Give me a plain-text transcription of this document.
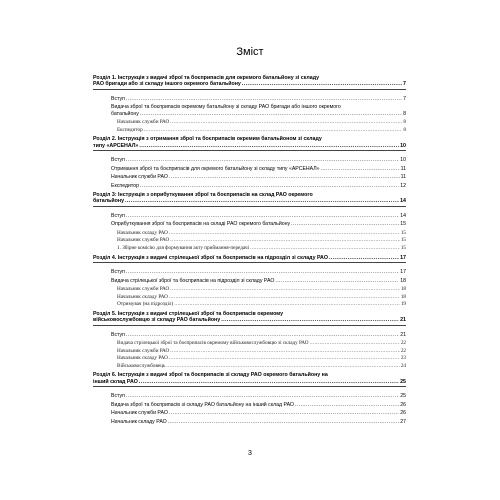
Зміст
Розділ 1. Інструкція з видачі зброї та боєприпасів для окремого батальйону зі складу
РАО бригади або зі складу іншого окремого батальйону .....	7
Вступ .....	7
Видача зброї та боєприпасів окремому батальйону зі складу РАО бригади або іншого окремого
батальйону .....	8
Начальник служби РАО .....	8
Експедитор .....	8
Розділ 2. Інструкція з отримання зброї та боєприпасів окремим батальйоном зі складу
типу «АРСЕНАЛ» .....	10
Вступ .....	10
Отримання зброї та боєприпасів для окремого батальйону зі складу типу «АРСЕНАЛ» .....	11
Начальник служби РАО .....	11
Експедитор .....	12
Розділ 3: Інструкція з оприбуткування зброї та боєприпасів на склад РАО окремого
батальйону .....	14
Вступ .....	14
Оприбуткування зброї та боєприпасів на складі РАО окремого батальйону .....	15
Начальник складу РАО .....	15
Начальник служби РАО .....	15
1. Збірне комісію для формування акту приймання-передачі .....	15
Розділ 4. Інструкція з видачі стрілецької зброї та боєприпасів на підрозділ зі складу РАО .....	17
Вступ .....	17
Видача стрілецької зброї та боєприпасів на підрозділ зі складу РАО .....	18
Начальник служби РАО .....	18
Начальник складу РАО .....	18
Отримувач (на підрозділ) .....	19
Розділ 5. Інструкція з видачі стрілецької зброї та боєприпасів окремому
військовослужбовцю зі складу РАО батальйону .....	21
Вступ .....	21
Видача стрілецької зброї та боєприпасів окремому військовослужбовцю зі складу РАО .....	22
Начальник служби РАО .....	22
Начальник складу РАО .....	23
Військовослужбовець .....	24
Розділ 6. Інструкція з видачі зброї та боєприпасів зі складу РАО окремого батальйону на
інший склад РАО .....	25
Вступ .....	25
Видача зброї та боєприпасів зі складу РАО батальйону на інший склад РАО .....	26
Начальник служби РАО .....	26
Начальник складу РАО .....	27
3
